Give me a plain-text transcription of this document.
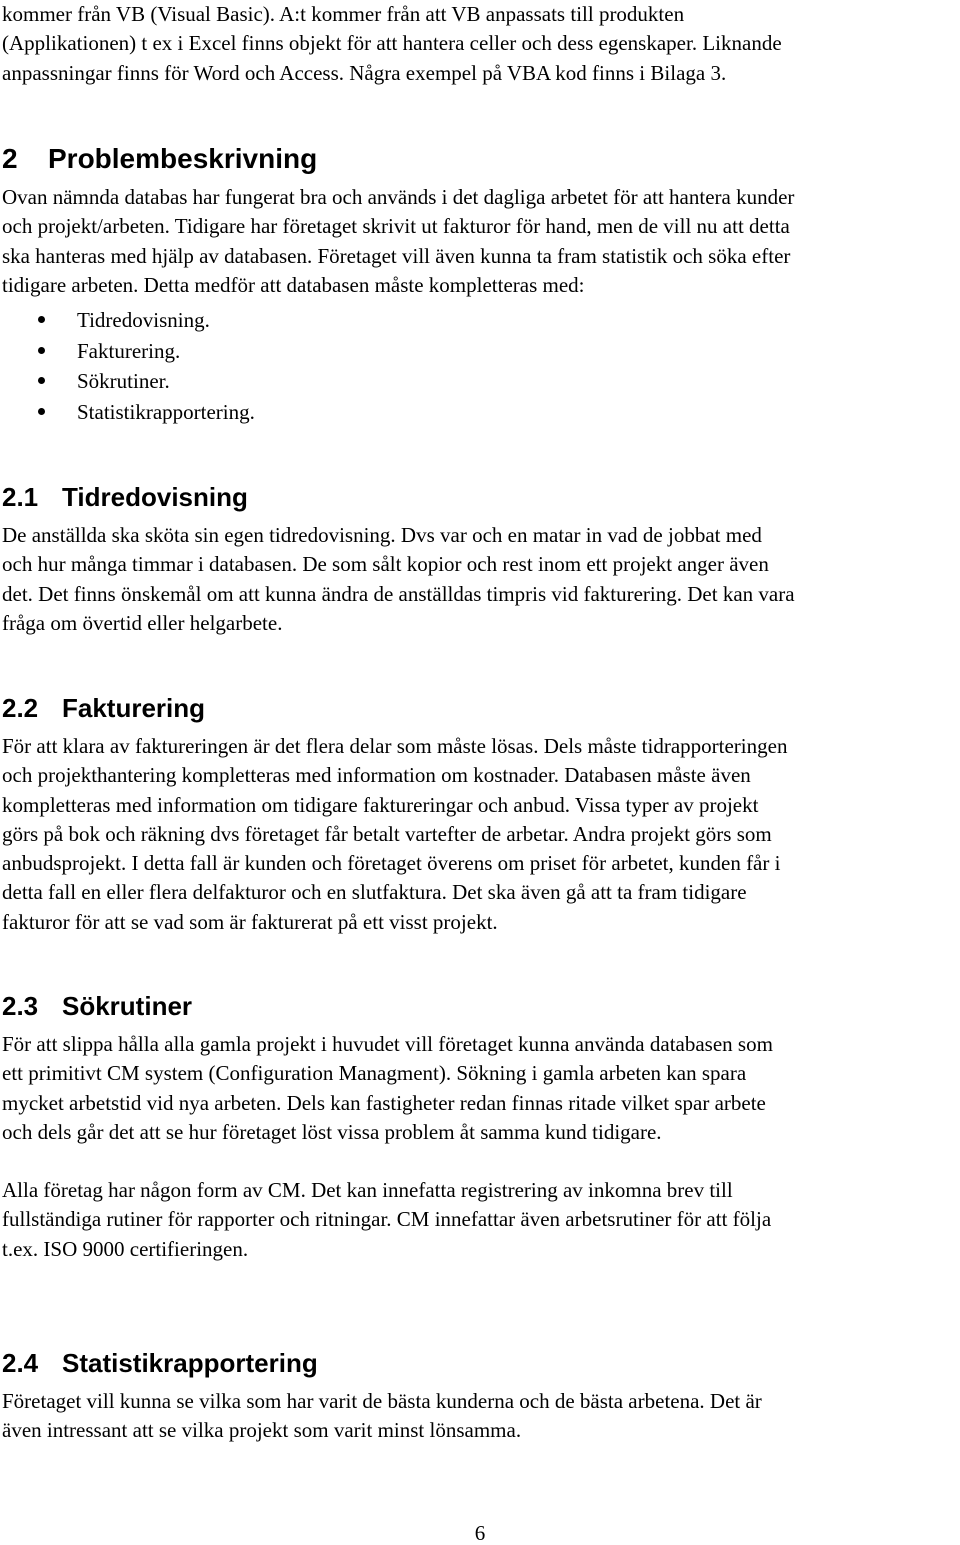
kommer från VB (Visual Basic). A:t kommer från att VB anpassats till produkten

(Applikationen) t ex i Excel finns objekt för att hantera celler och dess egenskaper. Liknande

anpassningar finns för Word och Access. Några exempel på VBA kod finns i Bilaga 3.

2 Problembeskrivning

Ovan nämnda databas har fungerat bra och används i det dagliga arbetet för att hantera kunder

och projekt/arbeten. Tidigare har företaget skrivit ut fakturor för hand, men de vill nu att detta

ska hanteras med hjälp av databasen. Företaget vill även kunna ta fram statistik och söka efter

tidigare arbeten. Detta medför att databasen måste kompletteras med:

Tidredovisning.
Fakturering.
Sökrutiner.
Statistikrapportering.
2.1 Tidredovisning

De anställda ska sköta sin egen tidredovisning. Dvs var och en matar in vad de jobbat med

och hur många timmar i databasen. De som sålt kopior och rest inom ett projekt anger även

det. Det finns önskemål om att kunna ändra de anställdas timpris vid fakturering. Det kan vara

fråga om övertid eller helgarbete.

2.2 Fakturering

För att klara av faktureringen är det flera delar som måste lösas. Dels måste tidrapporteringen

och projekthantering kompletteras med information om kostnader. Databasen måste även

kompletteras med information om tidigare faktureringar och anbud. Vissa typer av projekt

görs på bok och räkning dvs företaget får betalt vartefter de arbetar. Andra projekt görs som

anbudsprojekt. I detta fall är kunden och företaget överens om priset för arbetet, kunden får i

detta fall en eller flera delfakturor och en slutfaktura. Det ska även gå att ta fram tidigare

fakturor för att se vad som är fakturerat på ett visst projekt.

2.3 Sökrutiner

För att slippa hålla alla gamla projekt i huvudet vill företaget kunna använda databasen som

ett primitivt CM system (Configuration Managment). Sökning i gamla arbeten kan spara

mycket arbetstid vid nya arbeten. Dels kan fastigheter redan finnas ritade vilket spar arbete

och dels går det att se hur företaget löst vissa problem åt samma kund tidigare.

Alla företag har någon form av CM. Det kan innefatta registrering av inkomna brev till

fullständiga rutiner för rapporter och ritningar. CM innefattar även arbetsrutiner för att följa

t.ex. ISO 9000 certifieringen.

2.4 Statistikrapportering

Företaget vill kunna se vilka som har varit de bästa kunderna och de bästa arbetena. Det är

även intressant att se vilka projekt som varit minst lönsamma.

6
